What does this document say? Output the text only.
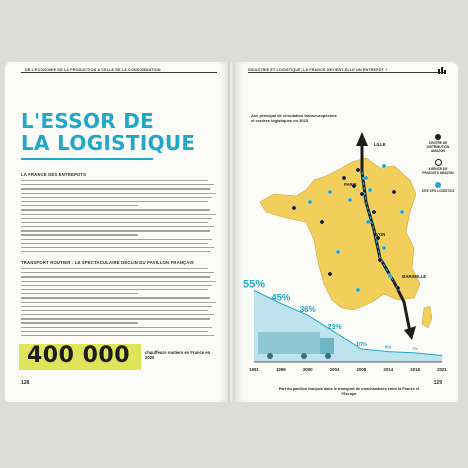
DE L'ECONOMIE DE LA PRODUCTION A CELLE DE LA CONSOMMATION
L'ESSOR DE
LA LOGISTIQUE
LA FRANCE DES ENTREPOTS
TRANSPORT ROUTIER : LE SPECTACULAIRE DÉCLIN DU PAVILLON FRANÇAIS
400 000	chauffeurs routiers en France en 2020
128
INDUSTRIE ET LOGISTIQUE, LA FRANCE DEVIENT-ELLE UN ENTREPÔT ?
Axe principal de circulation transeuropéenne et centres logistiques en 2023
LILLE
PARIS
LYON
MARSEILLE
CENTRE DE DISTRIBUTION AMAZON
AGENCE DE PRODUITS AMAZON
SITE XPO LOGISTICS
1991
55%
1999
45%
2000
36%
2004
23%
2008
10%
2014
8%
2016
7%
2021
Part du pavillon français dans le transport de marchandises entre la France et l'Europe
129
